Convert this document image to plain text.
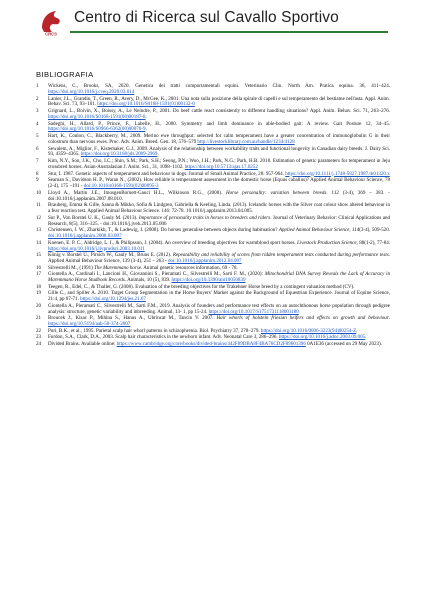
CRCS
Centro di Ricerca sul Cavallo Sportivo
BIBLIOGRAFIA
1	Wickens, C., Brooks, SA, 2020. Genetica dei tratti comportamentali equini. Veterinario Clin. North Am. Pratica equina. 36, 411–424. https://doi.org/10.1016/j.cveq.2020.03.014
2	Lanier, J.L., Grandin, T., Green, R., Avery, D., McGee, K., 2001. Una nota sulla posizione della spirale di capelli e sul temperamento del bestiame nell'asta. Appl. Anim. Behav. Sci. 73, 93–101. https://doi.org/10.1016/S0168-1591(01)00132-0
3	Grignard, L., Boivin, X., Boissy, A., Le Neindre, P., 2001. Do beef cattle react consistently to different handling situations? Appl. Anim. Behav. Sci. 71, 263–276. https://doi.org/10.1016/S0168-1591(00)00187-8.
4	Sadeghi, H., Allard, P., Prince, F., Labelle, H., 2000. Symmetry and limb dominance in able-bodied gait: A review. Gait Posture 12, 34–45. https://doi.org/10.1016/S0966-6362(00)00070-9.
5	Hart, K., Conlon, C., Blackberry, M., 2009. Merino ewe throughput: selected for calm temperament have a greater concentration of immunoglobulin G in their colostrum than nervous ewes. Proc. Adv. Anim. Breed. Gen. 18, 576–579 http://livestocklibrary.com.au/handle/1234/4128
6	Sewalem, A., Miglior, F., Kistemaker, G.J., 2009. Analysis of the relationship between workability traits and functional longevity in Canadian dairy breeds. J. Dairy Sci. 93, 4359–4365. https://doi.org/10.3168/jds.2009-2969.
7	Kim, N.Y., Son, J.K., Cho, I.C.; Shin, S.M.; Park, S.H.; Seong, P.N.; Woo, J.H.; Park, N.G.; Park, H.B. 2018. Estimation of genetic parameters for temperament in Jeju crossbred horses. Asian-Australasian J. Anim. Sci., 31, 1098–1102. https://doi.org/10.5713/ajas.17.0252
8	Stur, I. 1987. Genetic aspects of temperament and behaviour in dogs. Journal of Small Animal Practice, 28: 957-964. https://doi.org/10.1111/j.1748-5827.1987.tb01320.x
9	Seaman S., Davidson H. P., Waran N., (2002). How reliable is temperament assessment in the domestic horse (Equus caballus)? Applied Animal Behaviour Science, 78 (2-4), 175 –191 - doi:10.1016/s0168-1591(02)00095-3
10	Lloyd A., Martin J.E., ImosgenBornett-Gauci H.L., Wilkinson R.G., (2008). Horse personality: variation between breeds. 112 (3-4), 369 – 383. - doi:10.1016/j.applanim.2007.08.010.
11	Brauberg, Emma & Gille, Sanna & Mikko, Sofia & Lindgren, Gabriella & Keeling, Linda. (2013). Icelandic horses with the Silver coat colour show altered behaviour in a fear reaction test. Applied Animal Behaviour Science. 146: 72-78. 10.1016/j.applanim.2013.04.005.
12	Sur P., Von Borstel U. K., Gauly M. (2013). Importance of personality traits in horses to breeders and riders. Journal of Veterinary Behavior: Clinical Applications and Research, 8(5), 316–325. - doi:10.1016/j.jveb.2013.05.006
13	Christensen, J. W., Zharkikh, T., & Ladewig, J. (2008). Do horses generalise between objects during habituation? Applied Animal Behaviour Science, 114(3-4), 509-520. doi:10.1016/j.applanim.2008.03.007
14	Koenen, E. P. C., Aldridge, L. I., & Philipsson, J. (2004). An overview of breeding objectives for warmblood sport horses. Livestock Production Science, 88(1-2), 77-84. https://doi.org/10.1016/j.livprodsci.2003.10.011
15	König v. Borstel U., Pirsich W., Gauly M., Bruns E. (2012). Repeatability and reliability of scores from ridden temperament tests conducted during performance tests. Applied Animal Behaviour Science, 139 (3-4), 251 – 263 - doi:10.1016/j.applanim.2012.04.007
16	Silvestrelli M., (1991) The Maremmano horse. Animal genetic resources information, 69 - 78.
17	Giontella A., Cardinali I., Lancioni H., Giovannini S., Pieramati C., Silvestrelli M., Sarti F. M., (2020): Mitochondrial DNA Survey Reveals the Lack of Accuracy in Maremmano Horse Studbook Records. Animals, 10 (5), 839. https://doi.org/10.3390/ani10050839
18	Teegen, R., Edel, C., & Thaller, G. (2008). Evaluation of the breeding objectives for the Trakehner Horse breed by a contingent valuation method (CV).
19	Gille C., and Spiller A. 2010. Target Group Segmentation in the Horse Buyers' Market against the Background of Equestrian Experience. Journal of Equine Science, 21:4, pp 67-71. https://doi.org/10.1294/jes.21.67
20	Giontella A., Pieramati C., Silvestrelli M., Sarti F.M., 2019. Analysis of founders and performance test effects on an autochthonous horse population through pedigree analysis: structure, genetic variability and inbreeding. Animal, 13- 1, pp 15-24. https://doi.org/10.1017/S1751731118001180
21	Broucek J., Kisac P., Mihina S., Hanus A., Uhrincat M., Tancin V. 2007. Hair whorls of holstein friesian heifers and effects on growth and behaviour. https://doi.org/10.5194/aab-50-374-2007
22	Puri, B.K., et al., 1995. Parietal scalp hair whorl patterns in schizophrenia. Biol. Psychiatry 37, 278–279. https://doi.org/10.1016/0006-3223(94)00254-Z.
23	Furdon, S.A., Clark, D.A., 2003. Scalp hair characteristics in the newborn infant. Adv. Neonatal Care 3, 286–296. https://doi.org/10.1016/j.adnc.2003.09.005.
24	Divided Brains. Available online: https://www.cambridge.org/core/books/divided-brains/442F89DBA8F4BA76CD2F89601396 0A1E36 (accessed on 29 May 2023).
